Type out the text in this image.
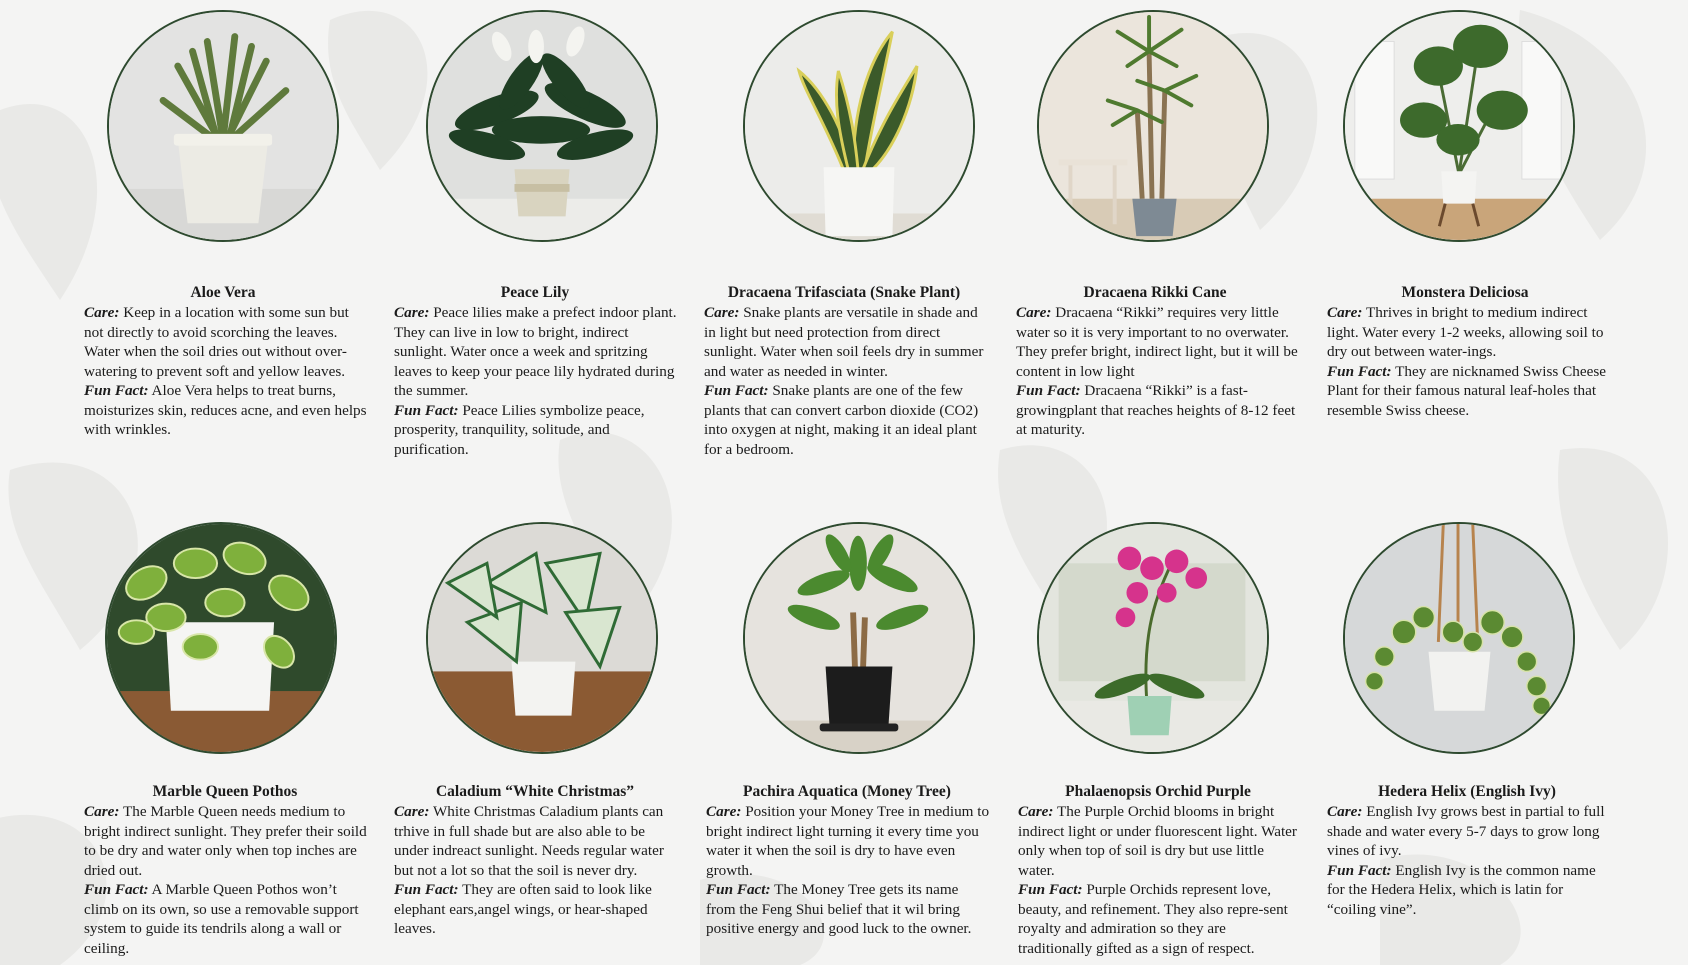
Aloe Vera

Care: Keep in a location with some sun but not directly to avoid scorching the leaves. Water when the soil dries out without over-watering to prevent soft and yellow leaves.

Fun Fact: Aloe Vera helps to treat burns, moisturizes skin, reduces acne, and even helps with wrinkles.

Peace Lily

Care: Peace lilies make a prefect indoor plant. They can live in low to bright, indirect sunlight. Water once a week and spritzing leaves to keep your peace lily hydrated during the summer.

Fun Fact: Peace Lilies symbolize peace, prosperity, tranquility, solitude, and purification.

Dracaena Trifasciata (Snake Plant)

Care: Snake plants are versatile in shade and in light but need protection from direct sunlight. Water when soil feels dry in summer and water as needed in winter.

Fun Fact: Snake plants are one of the few plants that can convert carbon dioxide (CO2) into oxygen at night, making it an ideal plant for a bedroom.

Dracaena Rikki Cane

Care: Dracaena “Rikki” requires very little water so it is very important to no overwater. They prefer bright, indirect light, but it will be content in low light

Fun Fact: Dracaena “Rikki” is a fast-growingplant that reaches heights of 8-12 feet at maturity.

Monstera Deliciosa

Care: Thrives in bright to medium indirect light. Water every 1-2 weeks, allowing soil to dry out between water-ings.

Fun Fact: They are nicknamed Swiss Cheese Plant for their famous natural leaf-holes that resemble Swiss cheese.

Marble Queen Pothos

Care: The Marble Queen needs medium to bright indirect sunlight. They prefer their soild to be dry and water only when top inches are dried out.

Fun Fact: A Marble Queen Pothos won’t climb on its own, so use a removable support system to guide its tendrils along a wall or ceiling.

Caladium “White Christmas”

Care: White Christmas Caladium plants can trhive in full shade but are also able to be under indreact sunlight. Needs regular water but not a lot so that the soil is never dry.

Fun Fact: They are often said to look like elephant ears,angel wings, or hear-shaped leaves.

Pachira Aquatica (Money Tree)

Care: Position your Money Tree in medium to bright indirect light turning it every time you water it when the soil is dry to have even growth.

Fun Fact: The Money Tree gets its name from the Feng Shui belief that it wil bring positive energy and good luck to the owner.

Phalaenopsis Orchid Purple

Care: The Purple Orchid blooms in bright indirect light or under fluorescent light. Water only when top of soil is dry but use little water.

Fun Fact: Purple Orchids represent love, beauty, and refinement. They also repre-sent royalty and admiration so they are traditionally gifted as a sign of respect.

Hedera Helix (English Ivy)

Care: English Ivy grows best in partial to full shade and water every 5-7 days to grow long vines of ivy.

Fun Fact: English Ivy is the common name for the Hedera Helix, which is latin for “coiling vine”.
